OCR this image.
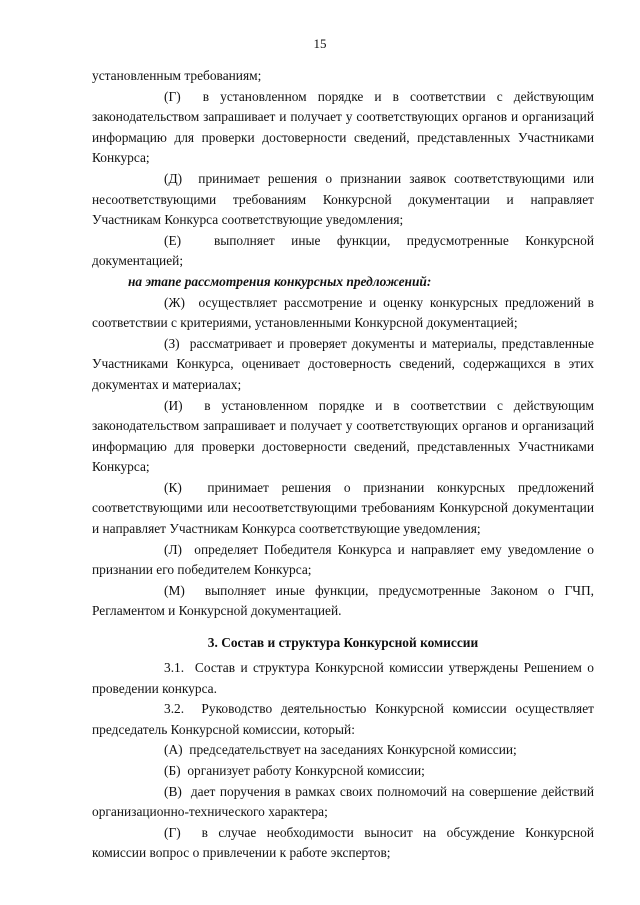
15

установленным требованиям;

(Г) в установленном порядке и в соответствии с действующим законодательством запрашивает и получает у соответствующих органов и организаций информацию для проверки достоверности сведений, представленных Участниками Конкурса;

(Д) принимает решения о признании заявок соответствующими или несоответствующими требованиям Конкурсной документации и направляет Участникам Конкурса соответствующие уведомления;

(Е) выполняет иные функции, предусмотренные Конкурсной документацией;

на этапе рассмотрения конкурсных предложений:

(Ж) осуществляет рассмотрение и оценку конкурсных предложений в соответствии с критериями, установленными Конкурсной документацией;

(З) рассматривает и проверяет документы и материалы, представленные Участниками Конкурса, оценивает достоверность сведений, содержащихся в этих документах и материалах;

(И) в установленном порядке и в соответствии с действующим законодательством запрашивает и получает у соответствующих органов и организаций информацию для проверки достоверности сведений, представленных Участниками Конкурса;

(К) принимает решения о признании конкурсных предложений соответствующими или несоответствующими требованиям Конкурсной документации и направляет Участникам Конкурса соответствующие уведомления;

(Л) определяет Победителя Конкурса и направляет ему уведомление о признании его победителем Конкурса;

(М) выполняет иные функции, предусмотренные Законом о ГЧП, Регламентом и Конкурсной документацией.

3. Состав и структура Конкурсной комиссии

3.1. Состав и структура Конкурсной комиссии утверждены Решением о проведении конкурса.

3.2. Руководство деятельностью Конкурсной комиссии осуществляет председатель Конкурсной комиссии, который:

(А) председательствует на заседаниях Конкурсной комиссии;

(Б) организует работу Конкурсной комиссии;

(В) дает поручения в рамках своих полномочий на совершение действий организационно-технического характера;

(Г) в случае необходимости выносит на обсуждение Конкурсной комиссии вопрос о привлечении к работе экспертов;
